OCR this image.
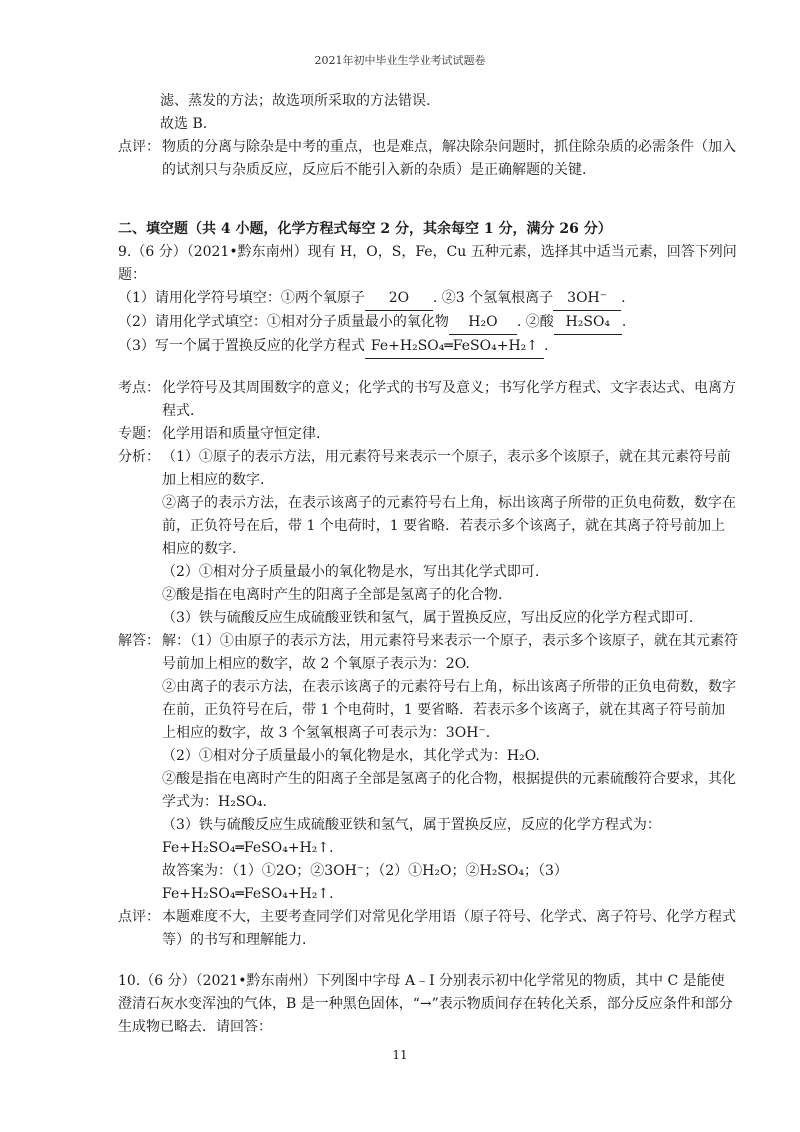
2021年初中毕业生学业考试试题卷

滤、蒸发的方法；故选项所采取的方法错误.

故选 B.

点评： 物质的分离与除杂是中考的重点，也是难点，解决除杂问题时，抓住除杂质的必需条件（加入的试剂只与杂质反应，反应后不能引入新的杂质）是正确解题的关键.

二、填空题（共 4 小题，化学方程式每空 2 分，其余每空 1 分，满分 26 分）

9.（6 分）（2021•黔东南州）现有 H，O，S，Fe，Cu 五种元素，选择其中适当元素，回答下列问题：

（1）请用化学符号填空：①两个氧原子 2O . ②3 个氢氧根离子 3OH⁻ .

（2）请用化学式填空：①相对分子质量最小的氧化物 H₂O . ②酸 H₂SO₄ .

（3）写一个属于置换反应的化学方程式 Fe+H₂SO₄═FeSO₄+H₂↑ .

考点： 化学符号及其周围数字的意义；化学式的书写及意义；书写化学方程式、文字表达式、电离方程式.
专题： 化学用语和质量守恒定律.
分析： （1）①原子的表示方法，用元素符号来表示一个原子，表示多个该原子，就在其元素符号前加上相应的数字.

②离子的表示方法，在表示该离子的元素符号右上角，标出该离子所带的正负电荷数，数字在前，正负符号在后，带 1 个电荷时，1 要省略．若表示多个该离子，就在其离子符号前加上相应的数字.

（2）①相对分子质量最小的氧化物是水，写出其化学式即可.

②酸是指在电离时产生的阳离子全部是氢离子的化合物.

（3）铁与硫酸反应生成硫酸亚铁和氢气，属于置换反应，写出反应的化学方程式即可.

解答： 解：（1）①由原子的表示方法，用元素符号来表示一个原子，表示多个该原子，就在其元素符号前加上相应的数字，故 2 个氧原子表示为：2O.

②由离子的表示方法，在表示该离子的元素符号右上角，标出该离子所带的正负电荷数，数字在前，正负符号在后，带 1 个电荷时，1 要省略．若表示多个该离子，就在其离子符号前加上相应的数字，故 3 个氢氧根离子可表示为：3OH⁻.

（2）①相对分子质量最小的氧化物是水，其化学式为：H₂O.

②酸是指在电离时产生的阳离子全部是氢离子的化合物，根据提供的元素硫酸符合要求，其化学式为：H₂SO₄.

（3）铁与硫酸反应生成硫酸亚铁和氢气，属于置换反应，反应的化学方程式为：Fe+H₂SO₄═FeSO₄+H₂↑.

故答案为：（1）①2O；②3OH⁻；（2）①H₂O；②H₂SO₄；（3）Fe+H₂SO₄═FeSO₄+H₂↑.

点评： 本题难度不大，主要考查同学们对常见化学用语（原子符号、化学式、离子符号、化学方程式等）的书写和理解能力.

10.（6 分）（2021•黔东南州）下列图中字母 A﹣I 分别表示初中化学常见的物质，其中 C 是能使澄清石灰水变浑浊的气体，B 是一种黑色固体，“→”表示物质间存在转化关系，部分反应条件和部分生成物已略去．请回答：

11
